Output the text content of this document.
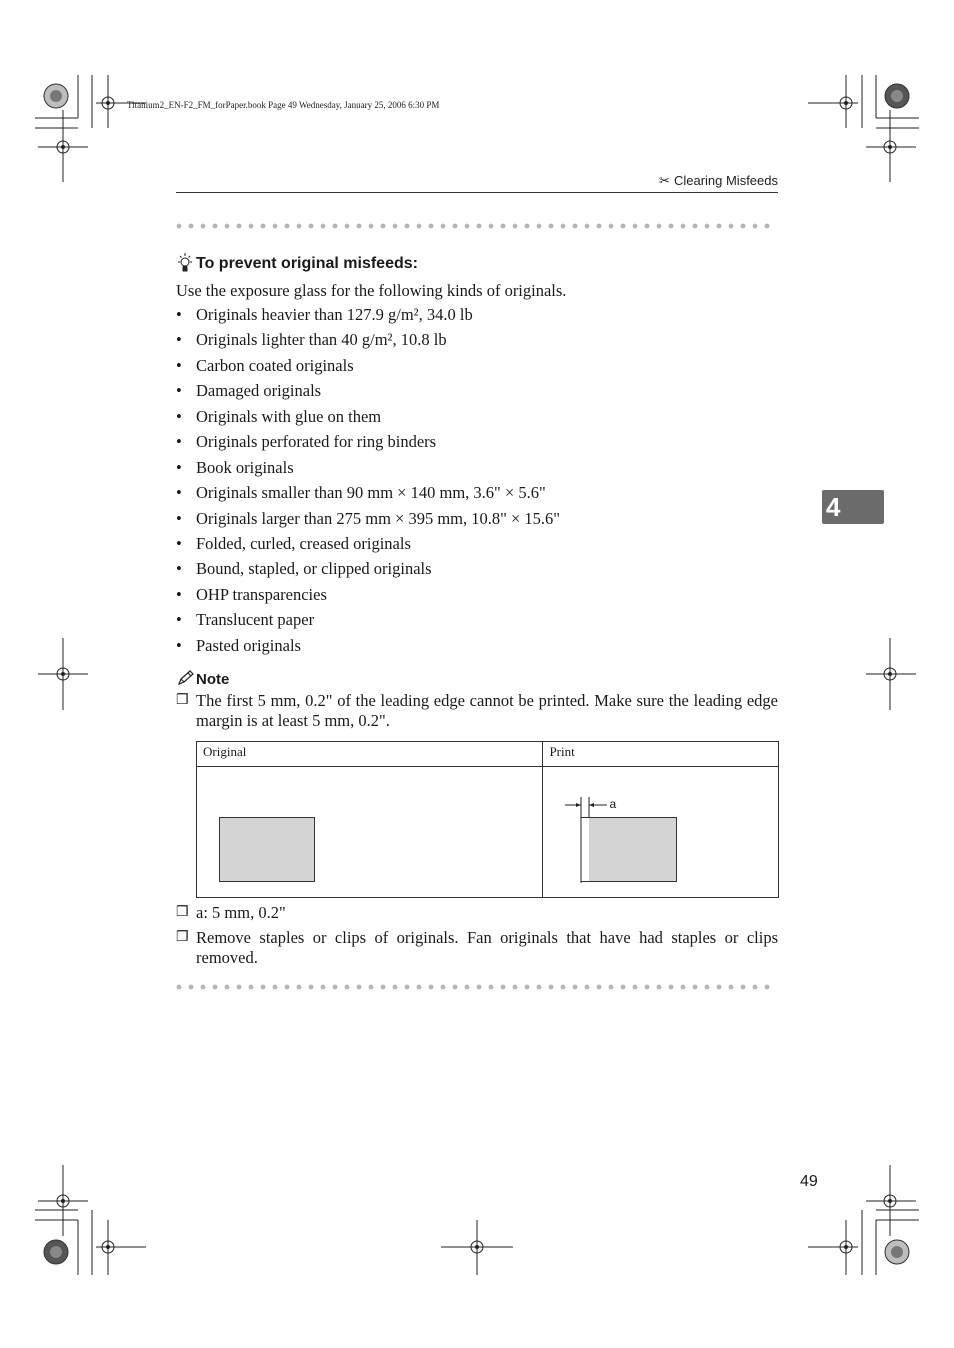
Titanium2_EN-F2_FM_forPaper.book Page 49 Wednesday, January 25, 2006 6:30 PM
✂ Clearing Misfeeds
To prevent original misfeeds:
Use the exposure glass for the following kinds of originals.
• Originals heavier than 127.9 g/m², 34.0 lb
• Originals lighter than 40 g/m², 10.8 lb
• Carbon coated originals
• Damaged originals
• Originals with glue on them
• Originals perforated for ring binders
• Book originals
• Originals smaller than 90 mm × 140 mm, 3.6" × 5.6"
• Originals larger than 275 mm × 395 mm, 10.8" × 15.6"
• Folded, curled, creased originals
• Bound, stapled, or clipped originals
• OHP transparencies
• Translucent paper
• Pasted originals
4
Note
❒ The first 5 mm, 0.2" of the leading edge cannot be printed. Make sure the leading edge margin is at least 5 mm, 0.2".
Original	Print

	a
❒ a: 5 mm, 0.2"
❒ Remove staples or clips of originals. Fan originals that have had staples or clips removed.
49
